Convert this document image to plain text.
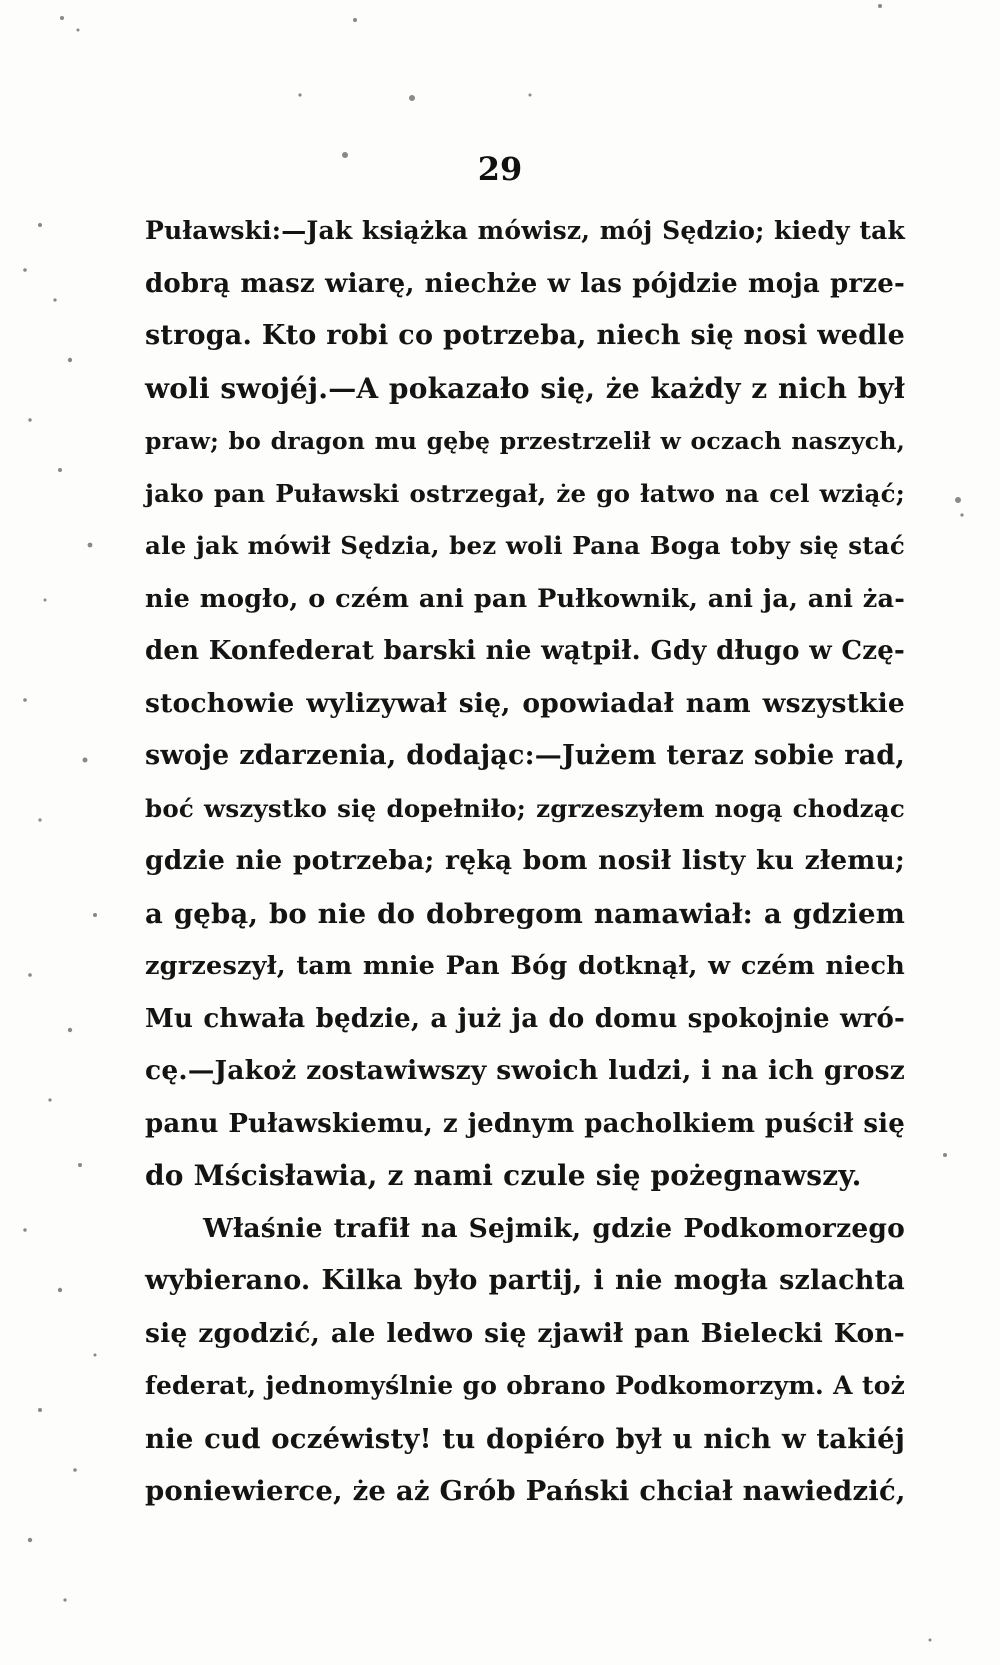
29
Puławski:—Jak książka mówisz, mój Sędzio; kiedy tak
dobrą masz wiarę, niechże w las pójdzie moja prze-
stroga. Kto robi co potrzeba, niech się nosi wedle
woli swojéj.—A pokazało się, że każdy z nich był
praw; bo dragon mu gębę przestrzelił w oczach naszych,
jako pan Puławski ostrzegał, że go łatwo na cel wziąć;
ale jak mówił Sędzia, bez woli Pana Boga toby się stać
nie mogło, o czém ani pan Pułkownik, ani ja, ani ża-
den Konfederat barski nie wątpił. Gdy długo w Czę-
stochowie wylizywał się, opowiadał nam wszystkie
swoje zdarzenia, dodając:—Jużem teraz sobie rad,
boć wszystko się dopełniło; zgrzeszyłem nogą chodząc
gdzie nie potrzeba; ręką bom nosił listy ku złemu;
a gębą, bo nie do dobregom namawiał: a gdziem
zgrzeszył, tam mnie Pan Bóg dotknął, w czém niech
Mu chwała będzie, a już ja do domu spokojnie wró-
cę.—Jakoż zostawiwszy swoich ludzi, i na ich grosz
panu Puławskiemu, z jednym pacholkiem puścił się
do Mścisławia, z nami czule się pożegnawszy.
Właśnie trafił na Sejmik, gdzie Podkomorzego
wybierano. Kilka było partij, i nie mogła szlachta
się zgodzić, ale ledwo się zjawił pan Bielecki Kon-
federat, jednomyślnie go obrano Podkomorzym. A toż
nie cud oczéwisty! tu dopiéro był u nich w takiéj
poniewierce, że aż Grób Pański chciał nawiedzić,
